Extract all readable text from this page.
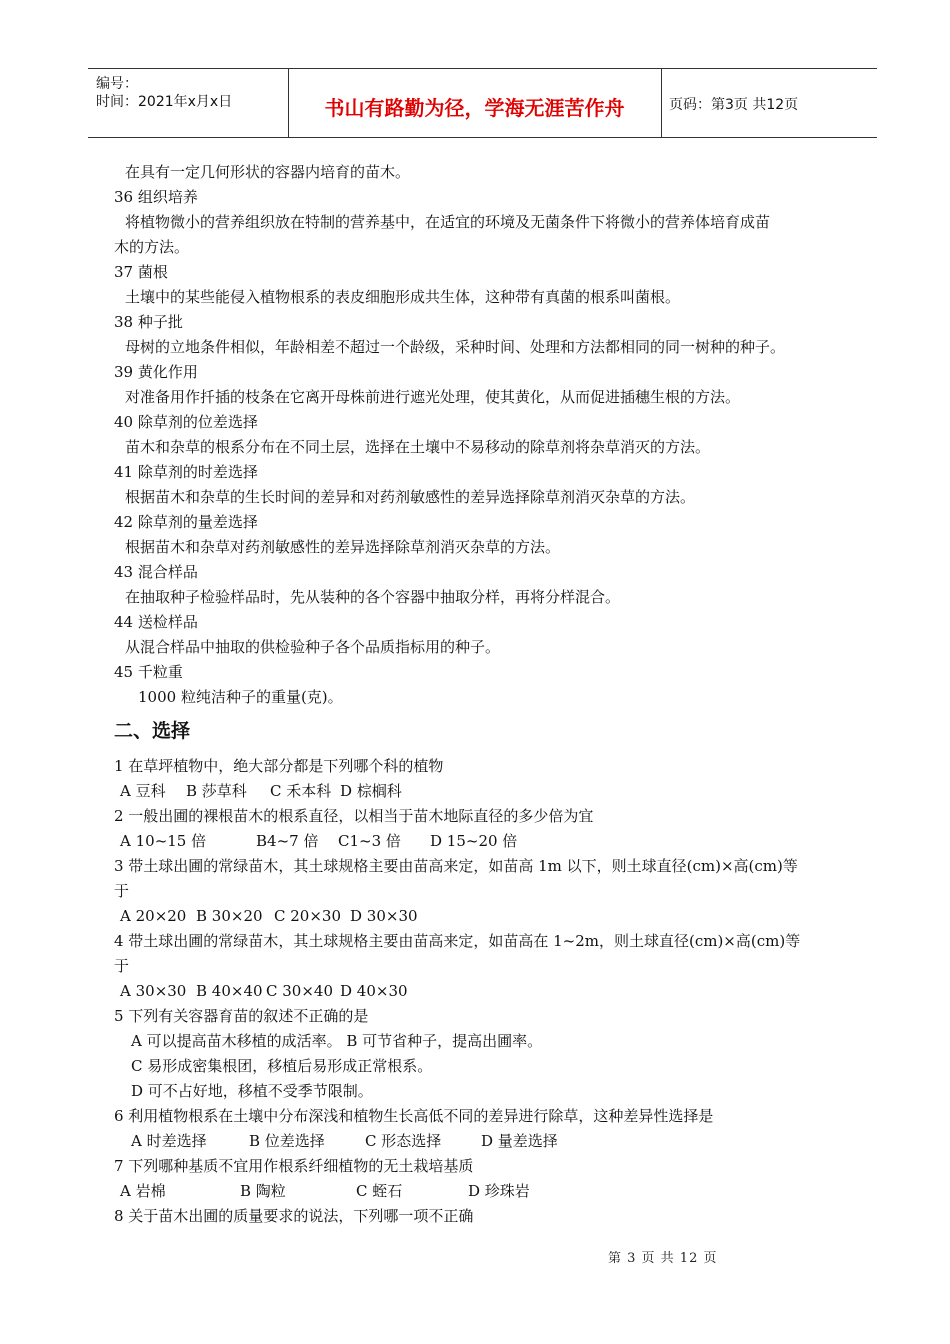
编号：
时间：2021年x月x日	书山有路勤为径，学海无涯苦作舟	页码：第3页 共12页
在具有一定几何形状的容器内培育的苗木。
36 组织培养
将植物微小的营养组织放在特制的营养基中，在适宜的环境及无菌条件下将微小的营养体培育成苗
木的方法。
37 菌根
土壤中的某些能侵入植物根系的表皮细胞形成共生体，这种带有真菌的根系叫菌根。
38 种子批
母树的立地条件相似，年龄相差不超过一个龄级，采种时间、处理和方法都相同的同一树种的种子。
39 黄化作用
对准备用作扦插的枝条在它离开母株前进行遮光处理，使其黄化，从而促进插穗生根的方法。
40 除草剂的位差选择
苗木和杂草的根系分布在不同土层，选择在土壤中不易移动的除草剂将杂草消灭的方法。
41 除草剂的时差选择
根据苗木和杂草的生长时间的差异和对药剂敏感性的差异选择除草剂消灭杂草的方法。
42 除草剂的量差选择
根据苗木和杂草对药剂敏感性的差异选择除草剂消灭杂草的方法。
43 混合样品
在抽取种子检验样品时，先从装种的各个容器中抽取分样，再将分样混合。
44 送检样品
从混合样品中抽取的供检验种子各个品质指标用的种子。
45 千粒重
1000 粒纯洁种子的重量(克)。
二、选择
1 在草坪植物中，绝大部分都是下列哪个科的植物
A 豆科 B 莎草科 C 禾本科 D 棕榈科
2 一般出圃的裸根苗木的根系直径，以相当于苗木地际直径的多少倍为宜
A 10~15 倍	B4~7 倍 C1~3 倍 D 15~20 倍
3 带土球出圃的常绿苗木，其土球规格主要由苗高来定，如苗高 1m 以下，则土球直径(cm)×高(cm)等
于
A 20×20 B 30×20 C 20×30 D 30×30
4 带土球出圃的常绿苗木，其土球规格主要由苗高来定，如苗高在 1~2m，则土球直径(cm)×高(cm)等
于
A 30×30 B 40×40 C 30×40 D 40×30
5 下列有关容器育苗的叙述不正确的是
A 可以提高苗木移植的成活率。 B 可节省种子，提高出圃率。
C 易形成密集根团，移植后易形成正常根系。
D 可不占好地，移植不受季节限制。
6 利用植物根系在土壤中分布深浅和植物生长高低不同的差异进行除草，这种差异性选择是
A 时差选择	B 位差选择	C 形态选择	D 量差选择
7 下列哪种基质不宜用作根系纤细植物的无土栽培基质
A 岩棉	B 陶粒	C 蛭石	D 珍珠岩
8 关于苗木出圃的质量要求的说法，下列哪一项不正确
第 3 页 共 12 页
